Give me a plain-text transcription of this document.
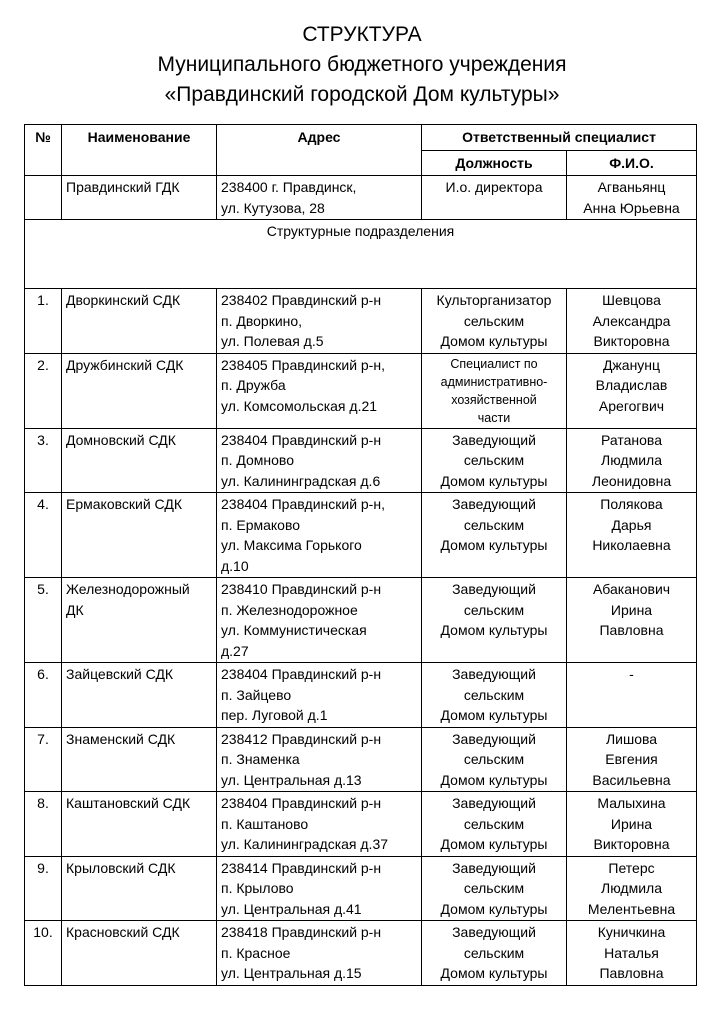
СТРУКТУРА
Муниципального бюджетного учреждения
«Правдинский городской Дом культуры»
№	Наименование	Адрес	Ответственный специалист	
			Должность	Ф.И.О.
	Правдинский ГДК	238400 г. Правдинск,
ул. Кутузова, 28	И.о. директора	Агваньянц
Анна Юрьевна

Структурные подразделения				
1.	Дворкинский СДК	238402 Правдинский р-н
п. Дворкино,
ул. Полевая д.5	Культорганизатор
сельским
Домом культуры	Шевцова
Александра
Викторовна

2.	Дружбинский СДК	238405 Правдинский р-н,
п. Дружба
ул. Комсомольская д.21	Специалист по
административно-
хозяйственной
части	Джанунц
Владислав
Арегогвич

3.	Домновский СДК	238404 Правдинский р-н
п. Домново
ул. Калининградская д.6	Заведующий
сельским
Домом культуры	Ратанова
Людмила
Леонидовна

4.	Ермаковский СДК	238404 Правдинский р-н,
п. Ермаково
ул. Максима Горького
д.10	Заведующий
сельским
Домом культуры	Полякова
Дарья
Николаевна

5.	Железнодорожный
ДК	238410 Правдинский р-н
п. Железнодорожное
ул. Коммунистическая
д.27	Заведующий
сельским
Домом культуры	Абаканович
Ирина
Павловна

6.	Зайцевский СДК	238404 Правдинский р-н
п. Зайцево
пер. Луговой д.1	Заведующий
сельским
Домом культуры	-

7.	Знаменский СДК	238412 Правдинский р-н
п. Знаменка
ул. Центральная д.13	Заведующий
сельским
Домом культуры	Лишова
Евгения
Васильевна

8.	Каштановский СДК	238404 Правдинский р-н
п. Каштаново
ул. Калининградская д.37	Заведующий
сельским
Домом культуры	Малыхина
Ирина
Викторовна

9.	Крыловский СДК	238414 Правдинский р-н
п. Крылово
ул. Центральная д.41	Заведующий
сельским
Домом культуры	Петерс
Людмила
Мелентьевна

10.	Красновский СДК	238418 Правдинский р-н
п. Красное
ул. Центральная д.15	Заведующий
сельским
Домом культуры	Куничкина
Наталья
Павловна
